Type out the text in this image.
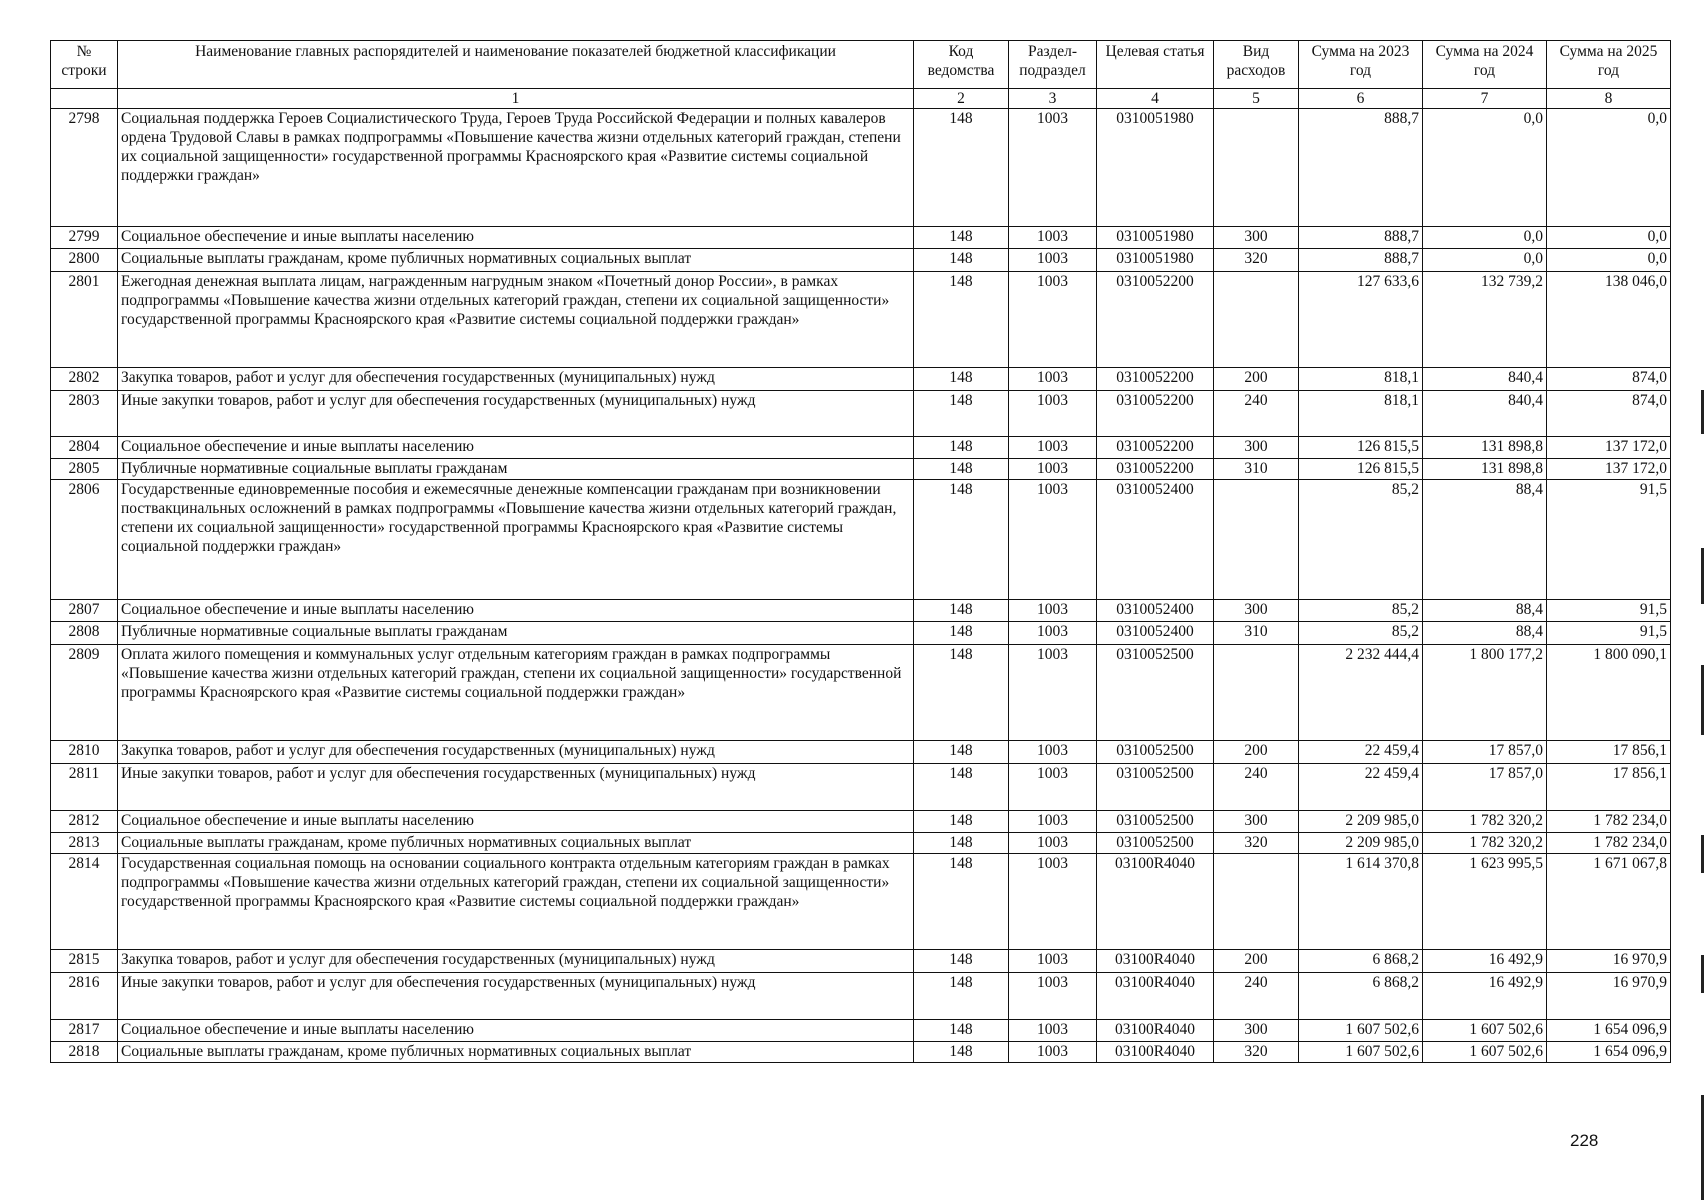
№ строки	Наименование главных распорядителей и наименование показателей бюджетной классификации	Код ведомства	Раздел-подраздел	Целевая статья	Вид расходов	Сумма на 2023 год	Сумма на 2024 год	Сумма на 2025 год
	1	2	3	4	5	6	7	8
2798	Социальная поддержка Героев Социалистического Труда, Героев Труда Российской Федерации и полных кавалеров ордена Трудовой Славы в рамках подпрограммы «Повышение качества жизни отдельных категорий граждан, степени их социальной защищенности» государственной программы Красноярского края «Развитие системы социальной поддержки граждан»	148	1003	0310051980		888,7	0,0	0,0
2799	Социальное обеспечение и иные выплаты населению	148	1003	0310051980	300	888,7	0,0	0,0
2800	Социальные выплаты гражданам, кроме публичных нормативных социальных выплат	148	1003	0310051980	320	888,7	0,0	0,0
2801	Ежегодная денежная выплата лицам, награжденным нагрудным знаком «Почетный донор России», в рамках подпрограммы «Повышение качества жизни отдельных категорий граждан, степени их социальной защищенности» государственной программы Красноярского края «Развитие системы социальной поддержки граждан»	148	1003	0310052200		127 633,6	132 739,2	138 046,0
2802	Закупка товаров, работ и услуг для обеспечения государственных (муниципальных) нужд	148	1003	0310052200	200	818,1	840,4	874,0
2803	Иные закупки товаров, работ и услуг для обеспечения государственных (муниципальных) нужд	148	1003	0310052200	240	818,1	840,4	874,0
2804	Социальное обеспечение и иные выплаты населению	148	1003	0310052200	300	126 815,5	131 898,8	137 172,0
2805	Публичные нормативные социальные выплаты гражданам	148	1003	0310052200	310	126 815,5	131 898,8	137 172,0
2806	Государственные единовременные пособия и ежемесячные денежные компенсации гражданам при возникновении поствакцинальных осложнений в рамках подпрограммы «Повышение качества жизни отдельных категорий граждан, степени их социальной защищенности» государственной программы Красноярского края «Развитие системы социальной поддержки граждан»	148	1003	0310052400		85,2	88,4	91,5
2807	Социальное обеспечение и иные выплаты населению	148	1003	0310052400	300	85,2	88,4	91,5
2808	Публичные нормативные социальные выплаты гражданам	148	1003	0310052400	310	85,2	88,4	91,5
2809	Оплата жилого помещения и коммунальных услуг отдельным категориям граждан в рамках подпрограммы «Повышение качества жизни отдельных категорий граждан, степени их социальной защищенности» государственной программы Красноярского края «Развитие системы социальной поддержки граждан»	148	1003	0310052500		2 232 444,4	1 800 177,2	1 800 090,1
2810	Закупка товаров, работ и услуг для обеспечения государственных (муниципальных) нужд	148	1003	0310052500	200	22 459,4	17 857,0	17 856,1
2811	Иные закупки товаров, работ и услуг для обеспечения государственных (муниципальных) нужд	148	1003	0310052500	240	22 459,4	17 857,0	17 856,1
2812	Социальное обеспечение и иные выплаты населению	148	1003	0310052500	300	2 209 985,0	1 782 320,2	1 782 234,0
2813	Социальные выплаты гражданам, кроме публичных нормативных социальных выплат	148	1003	0310052500	320	2 209 985,0	1 782 320,2	1 782 234,0
2814	Государственная социальная помощь на основании социального контракта отдельным категориям граждан в рамках подпрограммы «Повышение качества жизни отдельных категорий граждан, степени их социальной защищенности» государственной программы Красноярского края «Развитие системы социальной поддержки граждан»	148	1003	03100R4040		1 614 370,8	1 623 995,5	1 671 067,8
2815	Закупка товаров, работ и услуг для обеспечения государственных (муниципальных) нужд	148	1003	03100R4040	200	6 868,2	16 492,9	16 970,9
2816	Иные закупки товаров, работ и услуг для обеспечения государственных (муниципальных) нужд	148	1003	03100R4040	240	6 868,2	16 492,9	16 970,9
2817	Социальное обеспечение и иные выплаты населению	148	1003	03100R4040	300	1 607 502,6	1 607 502,6	1 654 096,9
2818	Социальные выплаты гражданам, кроме публичных нормативных социальных выплат	148	1003	03100R4040	320	1 607 502,6	1 607 502,6	1 654 096,9
228
